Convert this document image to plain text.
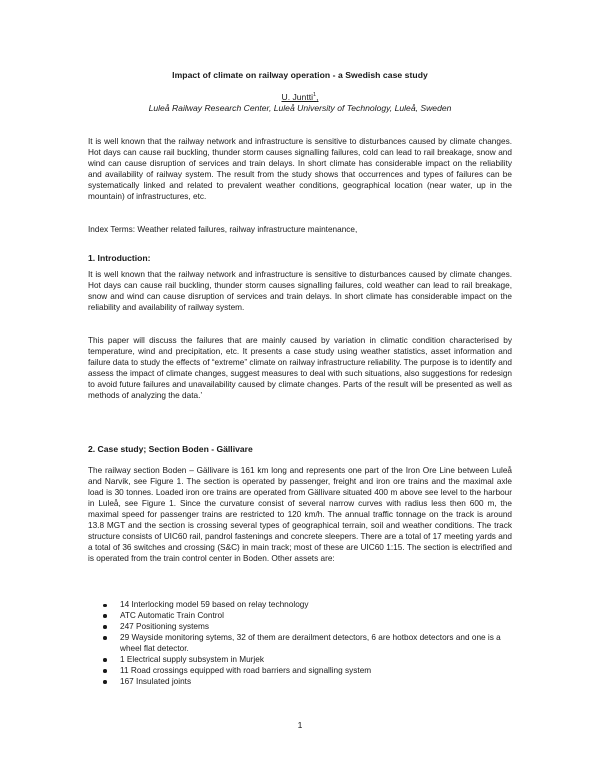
Impact of climate on railway operation - a Swedish case study
U. Juntti$^1$,
Luleå Railway Research Center, Luleå University of Technology, Luleå, Sweden

It is well known that the railway network and infrastructure is sensitive to disturbances caused by climate changes. Hot days can cause rail buckling, thunder storm causes signalling failures, cold can lead to rail breakage, snow and wind can cause disruption of services and train delays. In short climate has considerable impact on the reliability and availability of railway system. The result from the study shows that occurrences and types of failures can be systematically linked and related to prevalent weather conditions, geographical location (near water, up in the mountain) of infrastructures, etc.

Index Terms: Weather related failures, railway infrastructure maintenance,

1. Introduction:

It is well known that the railway network and infrastructure is sensitive to disturbances caused by climate changes. Hot days can cause rail buckling, thunder storm causes signalling failures, cold weather can lead to rail breakage, snow and wind can cause disruption of services and train delays. In short climate has considerable impact on the reliability and availability of railway system.

This paper will discuss the failures that are mainly caused by variation in climatic condition characterised by temperature, wind and precipitation, etc. It presents a case study using weather statistics, asset information and failure data to study the effects of “extreme” climate on railway infrastructure reliability. The purpose is to identify and assess the impact of climate changes, suggest measures to deal with such situations, also suggestions for redesign to avoid future failures and unavailability caused by climate changes. Parts of the result will be presented as well as methods of analyzing the data.’

2. Case study; Section Boden - Gällivare

The railway section Boden – Gällivare is 161 km long and represents one part of the Iron Ore Line between Luleå and Narvik, see Figure 1. The section is operated by passenger, freight and iron ore trains and the maximal axle load is 30 tonnes. Loaded iron ore trains are operated from Gällivare situated 400 m above see level to the harbour in Luleå, see Figure 1. Since the curvature consist of several narrow curves with radius less then 600 m, the maximal speed for passenger trains are restricted to 120 km/h. The annual traffic tonnage on the track is around 13.8 MGT and the section is crossing several types of geographical terrain, soil and weather conditions. The track structure consists of UIC60 rail, pandrol fastenings and concrete sleepers. There are a total of 17 meeting yards and a total of 36 switches and crossing (S&C) in main track; most of these are UIC60 1:15. The section is electrified and is operated from the train control center in Boden. Other assets are:

14 Interlocking model 59 based on relay technology
ATC Automatic Train Control
247 Positioning systems
29 Wayside monitoring sytems, 32 of them are derailment detectors, 6 are hotbox detectors and one is a wheel flat detector.
1 Electrical supply subsystem in Murjek
11 Road crossings equipped with road barriers and signalling system
167 Insulated joints
1
